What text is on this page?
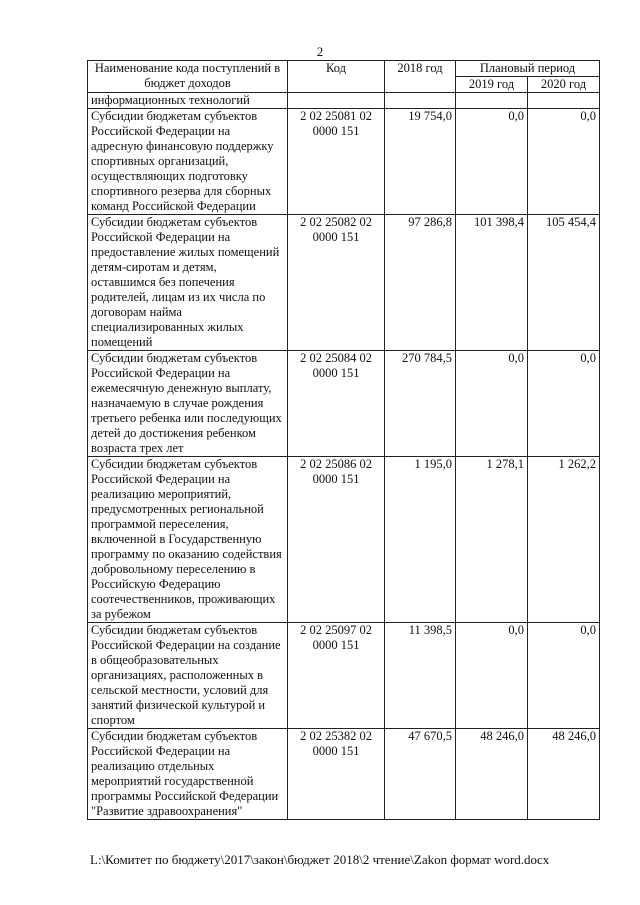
2
Наименование кода поступлений в бюджет доходов	Код	2018 год	Плановый период	
			2019 год	2020 год
информационных технологий				
Субсидии бюджетам субъектов Российской Федерации на адресную финансовую поддержку спортивных организаций, осуществляющих подготовку спортивного резерва для сборных команд Российской Федерации	2 02 25081 02 0000 151	19 754,0	0,0	0,0
Субсидии бюджетам субъектов Российской Федерации на предоставление жилых помещений детям-сиротам и детям, оставшимся без попечения родителей, лицам из их числа по договорам найма специализированных жилых помещений	2 02 25082 02 0000 151	97 286,8	101 398,4	105 454,4
Субсидии бюджетам субъектов Российской Федерации на ежемесячную денежную выплату, назначаемую в случае рождения третьего ребенка или последующих детей до достижения ребенком возраста трех лет	2 02 25084 02 0000 151	270 784,5	0,0	0,0
Субсидии бюджетам субъектов Российской Федерации на реализацию мероприятий, предусмотренных региональной программой переселения, включенной в Государственную программу по оказанию содействия добровольному переселению в Российскую Федерацию соотечественников, проживающих за рубежом	2 02 25086 02 0000 151	1 195,0	1 278,1	1 262,2
Субсидии бюджетам субъектов Российской Федерации на создание в общеобразовательных организациях, расположенных в сельской местности, условий для занятий физической культурой и спортом	2 02 25097 02 0000 151	11 398,5	0,0	0,0
Субсидии бюджетам субъектов Российской Федерации на реализацию отдельных мероприятий государственной программы Российской Федерации "Развитие здравоохранения"	2 02 25382 02 0000 151	47 670,5	48 246,0	48 246,0
L:\Комитет по бюджету\2017\закон\бюджет 2018\2 чтение\Zakon формат word.docx
